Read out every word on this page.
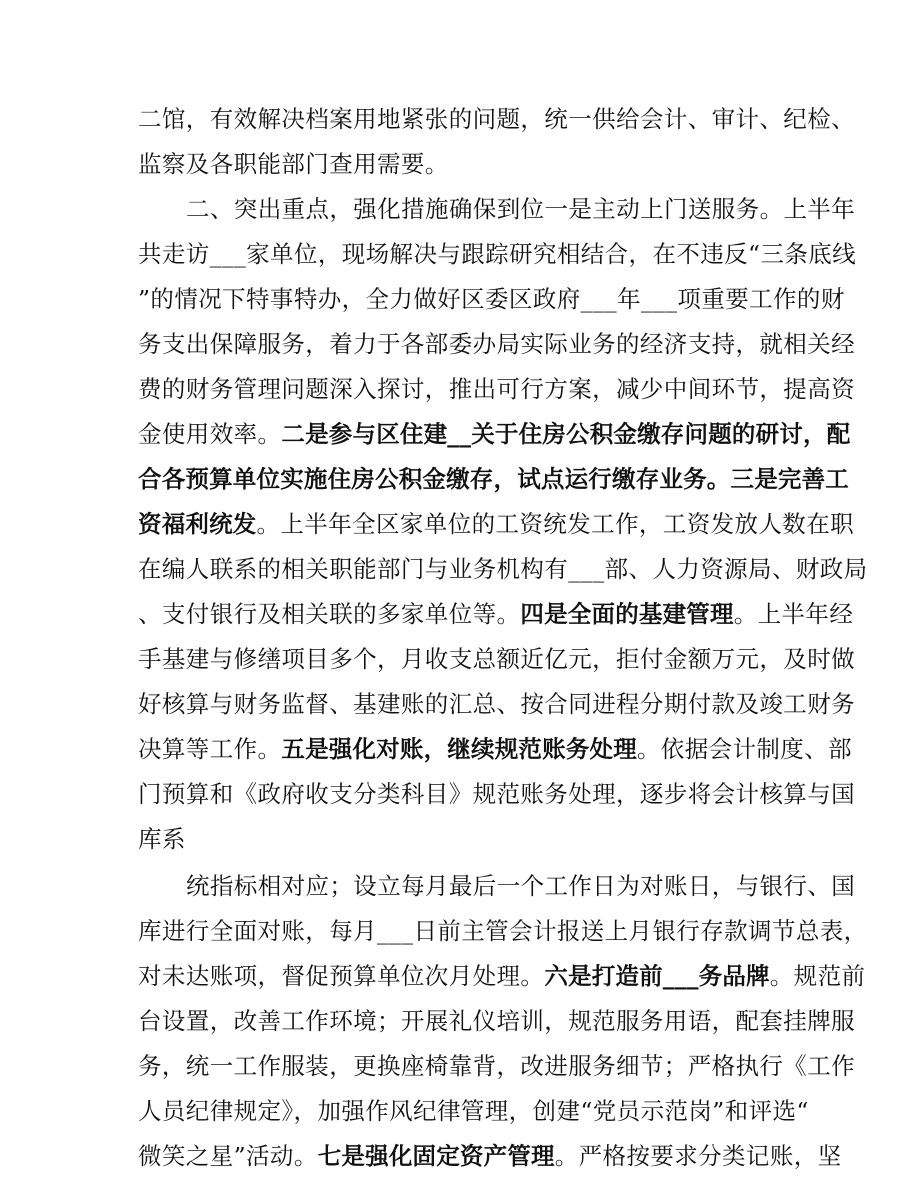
二馆，有效解决档案用地紧张的问题，统一供给会计、审计、纪检、
监察及各职能部门查用需要。
二、突出重点，强化措施确保到位一是主动上门送服务。上半年
共走访___家单位，现场解决与跟踪研究相结合，在不违反“三条底线
”的情况下特事特办，全力做好区委区政府___年___项重要工作的财
务支出保障服务，着力于各部委办局实际业务的经济支持，就相关经
费的财务管理问题深入探讨，推出可行方案，减少中间环节，提高资
金使用效率。二是参与区住建__关于住房公积金缴存问题的研讨，配
合各预算单位实施住房公积金缴存，试点运行缴存业务。三是完善工
资福利统发。上半年全区家单位的工资统发工作，工资发放人数在职
在编人联系的相关职能部门与业务机构有___部、人力资源局、财政局
、支付银行及相关联的多家单位等。四是全面的基建管理。上半年经
手基建与修缮项目多个，月收支总额近亿元，拒付金额万元，及时做
好核算与财务监督、基建账的汇总、按合同进程分期付款及竣工财务
决算等工作。五是强化对账，继续规范账务处理。依据会计制度、部
门预算和《政府收支分类科目》规范账务处理，逐步将会计核算与国
库系
统指标相对应；设立每月最后一个工作日为对账日，与银行、国
库进行全面对账，每月___日前主管会计报送上月银行存款调节总表，
对未达账项，督促预算单位次月处理。六是打造前___务品牌。规范前
台设置，改善工作环境；开展礼仪培训，规范服务用语，配套挂牌服
务，统一工作服装，更换座椅靠背，改进服务细节；严格执行《工作
人员纪律规定》，加强作风纪律管理，创建“党员示范岗”和评选“
微笑之星”活动。七是强化固定资产管理。严格按要求分类记账，坚
